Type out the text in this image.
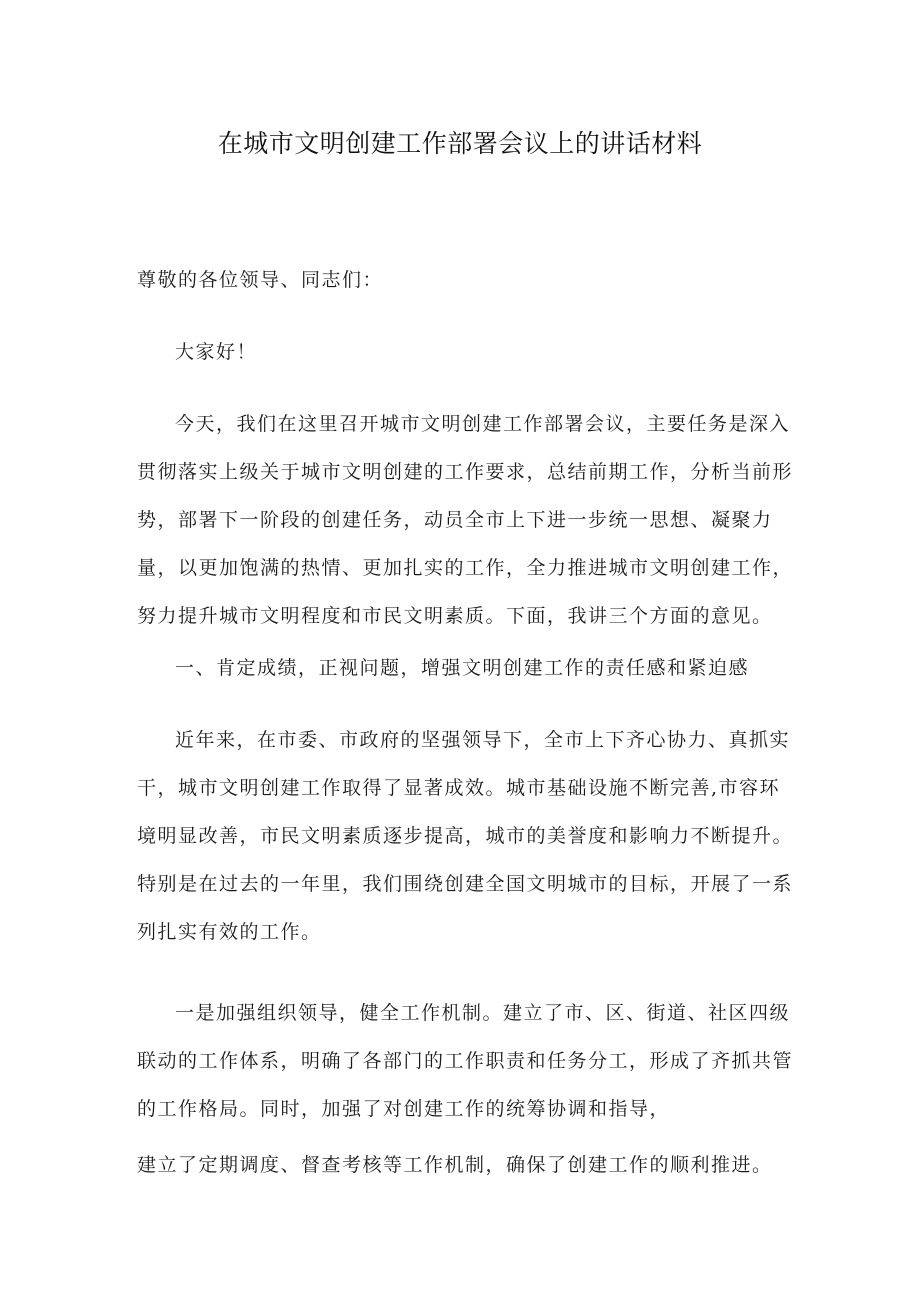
在城市文明创建工作部署会议上的讲话材料

尊敬的各位领导、同志们：

大家好！

今天，我们在这里召开城市文明创建工作部署会议，主要任务是深入贯彻落实上级关于城市文明创建的工作要求，总结前期工作，分析当前形势，部署下一阶段的创建任务，动员全市上下进一步统一思想、凝聚力量，以更加饱满的热情、更加扎实的工作，全力推进城市文明创建工作，努力提升城市文明程度和市民文明素质。下面，我讲三个方面的意见。

一、肯定成绩，正视问题，增强文明创建工作的责任感和紧迫感

近年来，在市委、市政府的坚强领导下，全市上下齐心协力、真抓实干，城市文明创建工作取得了显著成效。城市基础设施不断完善,市容环境明显改善，市民文明素质逐步提高，城市的美誉度和影响力不断提升。特别是在过去的一年里，我们围绕创建全国文明城市的目标，开展了一系列扎实有效的工作。

一是加强组织领导，健全工作机制。建立了市、区、街道、社区四级联动的工作体系，明确了各部门的工作职责和任务分工，形成了齐抓共管的工作格局。同时，加强了对创建工作的统筹协调和指导，

建立了定期调度、督查考核等工作机制，确保了创建工作的顺利推进。
